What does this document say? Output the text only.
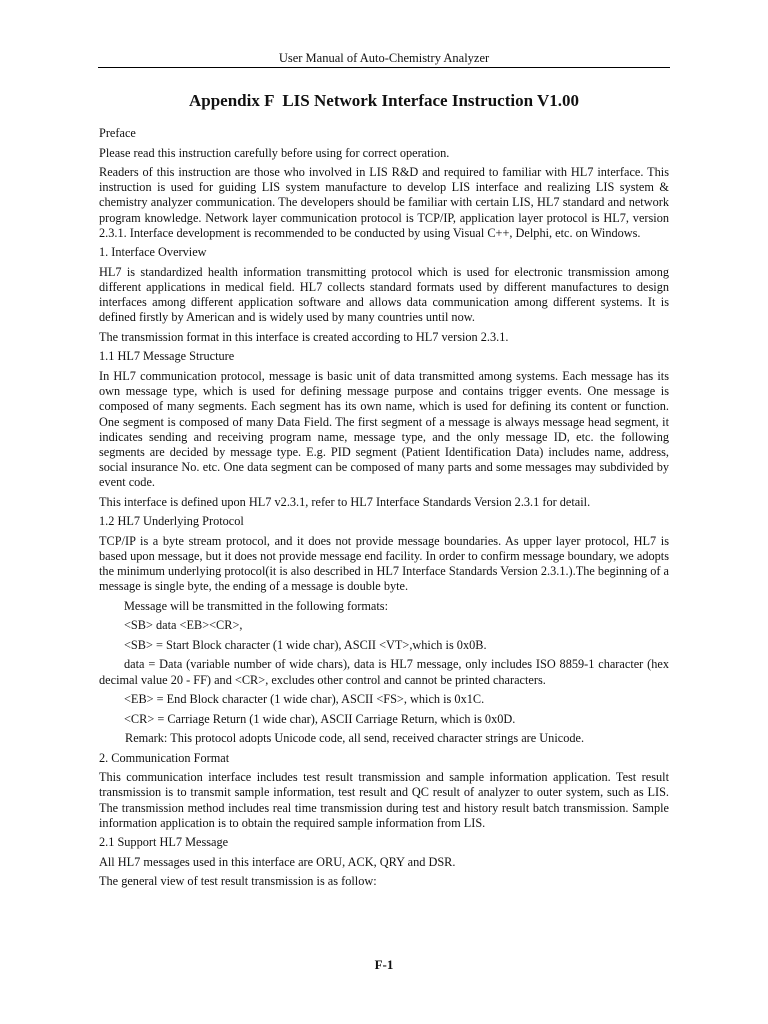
User Manual of Auto-Chemistry Analyzer
Appendix F  LIS Network Interface Instruction V1.00

Preface

Please read this instruction carefully before using for correct operation.

Readers of this instruction are those who involved in LIS R&D and required to familiar with HL7 interface. This instruction is used for guiding LIS system manufacture to develop LIS interface and realizing LIS system & chemistry analyzer communication. The developers should be familiar with certain LIS, HL7 standard and network program knowledge. Network layer communication protocol is TCP/IP, application layer protocol is HL7, version 2.3.1. Interface development is recommended to be conducted by using Visual C++, Delphi, etc. on Windows.

1. Interface Overview

HL7 is standardized health information transmitting protocol which is used for electronic transmission among different applications in medical field. HL7 collects standard formats used by different manufactures to design interfaces among different application software and allows data communication among different systems. It is defined firstly by American and is widely used by many countries until now.

The transmission format in this interface is created according to HL7 version 2.3.1.

1.1 HL7 Message Structure

In HL7 communication protocol, message is basic unit of data transmitted among systems. Each message has its own message type, which is used for defining message purpose and contains trigger events. One message is composed of many segments. Each segment has its own name, which is used for defining its content or function. One segment is composed of many Data Field. The first segment of a message is always message head segment, it indicates sending and receiving program name, message type, and the only message ID, etc. the following segments are decided by message type. E.g. PID segment (Patient Identification Data) includes name, address, social insurance No. etc. One data segment can be composed of many parts and some messages may subdivided by event code.

This interface is defined upon HL7 v2.3.1, refer to HL7 Interface Standards Version 2.3.1 for detail.

1.2 HL7 Underlying Protocol

TCP/IP is a byte stream protocol, and it does not provide message boundaries. As upper layer protocol, HL7 is based upon message, but it does not provide message end facility. In order to confirm message boundary, we adopts the minimum underlying protocol(it is also described in HL7 Interface Standards Version 2.3.1.).The beginning of a message is single byte, the ending of a message is double byte.

Message will be transmitted in the following formats:

<SB> data <EB><CR>,

<SB> = Start Block character (1 wide char), ASCII <VT>,which is 0x0B.

data = Data (variable number of wide chars), data is HL7 message, only includes ISO 8859-1 character (hex decimal value 20 - FF) and <CR>, excludes other control and cannot be printed characters.

<EB> = End Block character (1 wide char), ASCII <FS>, which is 0x1C.

<CR> = Carriage Return (1 wide char), ASCII Carriage Return, which is 0x0D.

Remark: This protocol adopts Unicode code, all send, received character strings are Unicode.

2. Communication Format

This communication interface includes test result transmission and sample information application. Test result transmission is to transmit sample information, test result and QC result of analyzer to outer system, such as LIS. The transmission method includes real time transmission during test and history result batch transmission. Sample information application is to obtain the required sample information from LIS.

2.1 Support HL7 Message

All HL7 messages used in this interface are ORU, ACK, QRY and DSR.

The general view of test result transmission is as follow:

F-1
